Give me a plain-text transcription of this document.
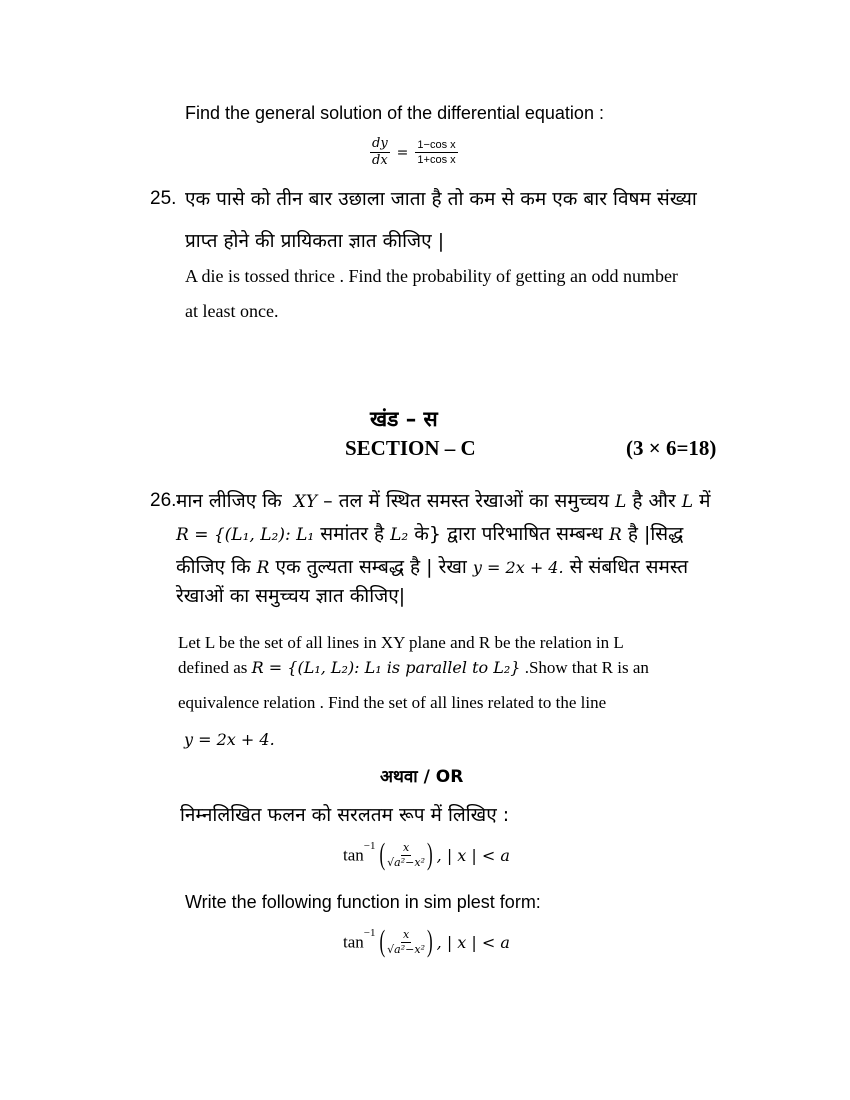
Find the general solution of the differential equation :
$\frac{dy}{dx} = \frac{\text{1−cos x}}{\text{1+cos x}}$
25. एक पासे को तीन बार उछाला जाता है तो कम से कम एक बार विषम संख्या
प्राप्त होने की प्रायिकता ज्ञात कीजिए |
A die is tossed thrice . Find the probability of getting an odd number
at least once.
खंड – स
SECTION – C	(3 × 6=18)
26. मान लीजिए कि XY – तल में स्थित समस्त रेखाओं का समुच्चय L है और L में
R = {(L₁, L₂): L₁ समांतर है L₂ के} द्वारा परिभाषित सम्बन्ध R है |सिद्ध
कीजिए कि R एक तुल्यता सम्बद्ध है | रेखा y = 2x + 4. से संबधित समस्त
रेखाओं का समुच्चय ज्ञात कीजिए|
Let L be the set of all lines in XY plane and R be the relation in L
defined as R = {(L₁, L₂): L₁ is parallel to L₂} .Show that R is an
equivalence relation . Find the set of all lines related to the line
y = 2x + 4.
अथवा / OR
निम्नलिखित फलन को सरलतम रूप में लिखिए :
$\tan^{-1}$ ( $\frac{x}{\text{√a²−x²}}$ ) , | x | < a
Write the following function in sim plest form:
$\tan^{-1}$ ( $\frac{x}{\text{√a²−x²}}$ ) , | x | < a
